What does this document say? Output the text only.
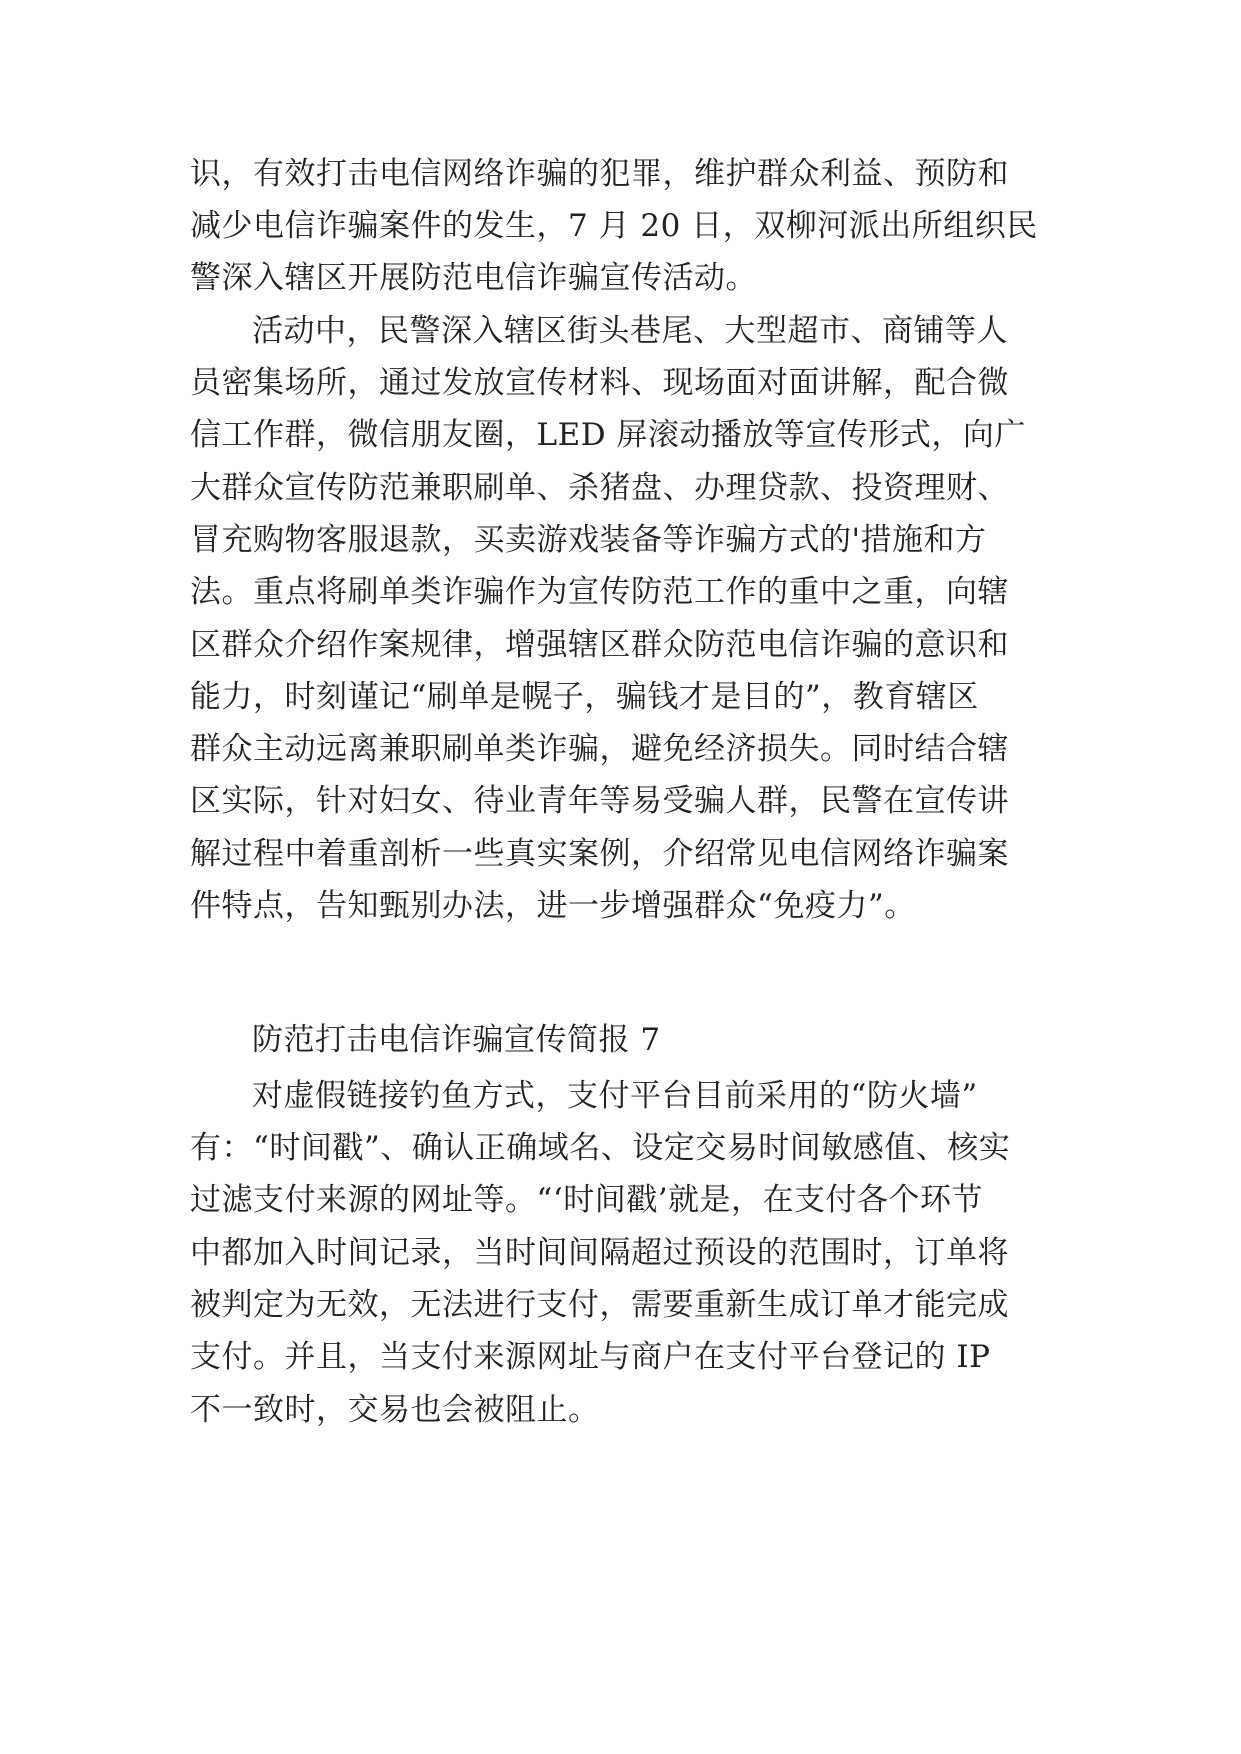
识，有效打击电信网络诈骗的犯罪，维护群众利益、预防和

减少电信诈骗案件的发生，7 月 20 日，双柳河派出所组织民

警深入辖区开展防范电信诈骗宣传活动。

活动中，民警深入辖区街头巷尾、大型超市、商铺等人

员密集场所，通过发放宣传材料、现场面对面讲解，配合微

信工作群，微信朋友圈，LED 屏滚动播放等宣传形式，向广

大群众宣传防范兼职刷单、杀猪盘、办理贷款、投资理财、

冒充购物客服退款，买卖游戏装备等诈骗方式的'措施和方

法。重点将刷单类诈骗作为宣传防范工作的重中之重，向辖

区群众介绍作案规律，增强辖区群众防范电信诈骗的意识和

能力，时刻谨记“刷单是幌子，骗钱才是目的”，教育辖区

群众主动远离兼职刷单类诈骗，避免经济损失。同时结合辖

区实际，针对妇女、待业青年等易受骗人群，民警在宣传讲

解过程中着重剖析一些真实案例，介绍常见电信网络诈骗案

件特点，告知甄别办法，进一步增强群众“免疫力”。

防范打击电信诈骗宣传简报 7

对虚假链接钓鱼方式，支付平台目前采用的“防火墙”

有：“时间戳”、确认正确域名、设定交易时间敏感值、核实

过滤支付来源的网址等。“‘时间戳’就是，在支付各个环节

中都加入时间记录，当时间间隔超过预设的范围时，订单将

被判定为无效，无法进行支付，需要重新生成订单才能完成

支付。并且，当支付来源网址与商户在支付平台登记的 IP

不一致时，交易也会被阻止。
